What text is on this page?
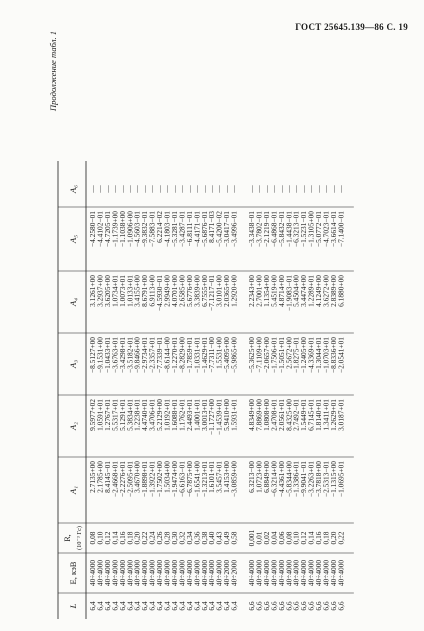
ГОСТ 25645.139—86 С. 19
Продолжение табл. 1
L
E, кэВ
R, (10⁻³ Гс)
A₁
A₂
A₃
A₄
A₅
A₆
6,4
40÷4000
0,08
2.7135+00
9.5977+02
−8.5127+00
3.1261+00
−4.2580−01
—
6,4
40÷4000
0,10
2.1785+00
1.0591+01
−9.1531+00
3.2937+00
−4.4102−01
—
6,4
40÷4000
0,12
8.4145−01
1.2767+01
−1.0433+01
3.6205+00
−4.7205−01
—
6,4
40÷4000
0,14
−2.4668+01
5.5317+01
−3.6763+01
1.0734+01
−1.1739+00
—
6,4
40÷4000
0,16
−2.2276+01
5.1291+01
−3.4298+01
1.0073+01
−1.1038+00
—
6,4
40÷4000
0,18
−2.5095+01
5.3834+01
−3.5182+01
1.0133+01
−1.0906+00
—
6,4
40÷4000
0,20
3.4670+00
1.2238+01
−9.8466+00
3.4155+00
−4.5603−01
—
6,4
40÷4000
0,22
−1.8898+01
4.4740+01
−2.9734+01
8.6791+00
−9.3832−01
—
6,4
40÷4000
0,24
−1.3922+01
3.4706+01
−2.3357+01
6.9113+00
−7.5883−01
—
6,4
40÷4000
0,26
−1.7502+00
5.2129+00
−7.7339−01
−4.5930−01
6.2214−02
—
6,4
40÷4000
0,28
1.5034+00
1.0192+01
−8.6144−00
2.9949+00
−4.1803−01
—
6,4
40÷4000
0,30
−1.9474+00
1.6088+01
−1.2270+01
4.0701+00
−5.3281−01
—
6,4
40÷4000
0,32
−6.6163−01
1.1762+01
−8.2829+00
2.6585+00
−3.4287−01
—
6,4
40÷4000
0,34
−6.7875+00
2.4493+01
−1.7859+01
5.6776+00
−6.8111−01
—
6,4
40÷4000
0,36
−1.6541+00
1.4001+01
−1.0331+01
3.3839+00
−4.4171−01
—
6,4
40÷4000
0,38
−1.3213+01
3.0013+01
−1.4629+01
6.7555+00
−5.6876−01
—
6,4
40÷4000
0,40
1.6101+01
−1.1727+00
−7.7311−00
−7.1217−01
8.4171−03
—
6,4
40÷4000
0,43
3.5457+01
−1.4539+01
1.5531+00
3.0101+00
−5.4200−02
—
6,4
40÷2000
0,49
1.4153+00
5.9410+00
−5.4095+00
2.0365+00
−3.0417−01
—
6,4
40÷2000
0,58
−3.0859+00
1.5931+01
−5.9865+00
1.2920+00
−3.4996−01
—
6,6
40÷4000
0,001
6.3213−00
4.8349+00
−5.3625+00
2.2343+00
−3.3438−01
—
6,6
40÷4000
0,01
1.0723+00
7.8869+00
−7.1109+00
2.7001+00
−3.7802−01
—
6,6
40÷4000
0,02
6.8849+00
1.0808+00
−2.0657+00
1.1354+00
−2.1219−01
—
6,6
40÷4000
0,04
−6.3214+00
2.4708+01
−1.7506+01
5.4519+00
−6.4868−01
—
6,6
40÷4000
0,06
−4.4361+00
2.0561+01
−1.5051+01
4.8714+00
−5.8432−01
—
6,6
40÷4000
0,08
−5.8344+00
8.4325+00
2.5672+00
−1.9083−01
−1.4438−01
—
6,6
40÷4000
0,10
−1.3386+01
2.7492−01
−1.8275−01
5.4504+00
−6.3213−01
—
6,6
40÷4000
0,12
−9.9041−01
1.5449+01
−1.2405+00
3.4474+00
−1.5231−01
—
6,6
40÷4000
0,14
−3.2263+01
6.7145+01
−4.3369+01
1.2289+01
−1.3105+00
—
6,6
40÷4000
0,16
−3.7818+00
1.8140+01
−1.3044+01
4.1249+00
−5.0772−01
—
6,6
40÷4000
0,18
−2.5313−01
1.3411+01
−1.0703+01
3.6272+00
−4.7023−01
—
6,6
40÷4000
0,20
−1.1315+00
1.2629+01
−8.8336+00
2.8389+00
−3.6614−01
—
6,6
40÷4000
0,22
−1.0695+01
3.0187+01
−2.0541+01
6.1880+00
−7.1400−01
—
